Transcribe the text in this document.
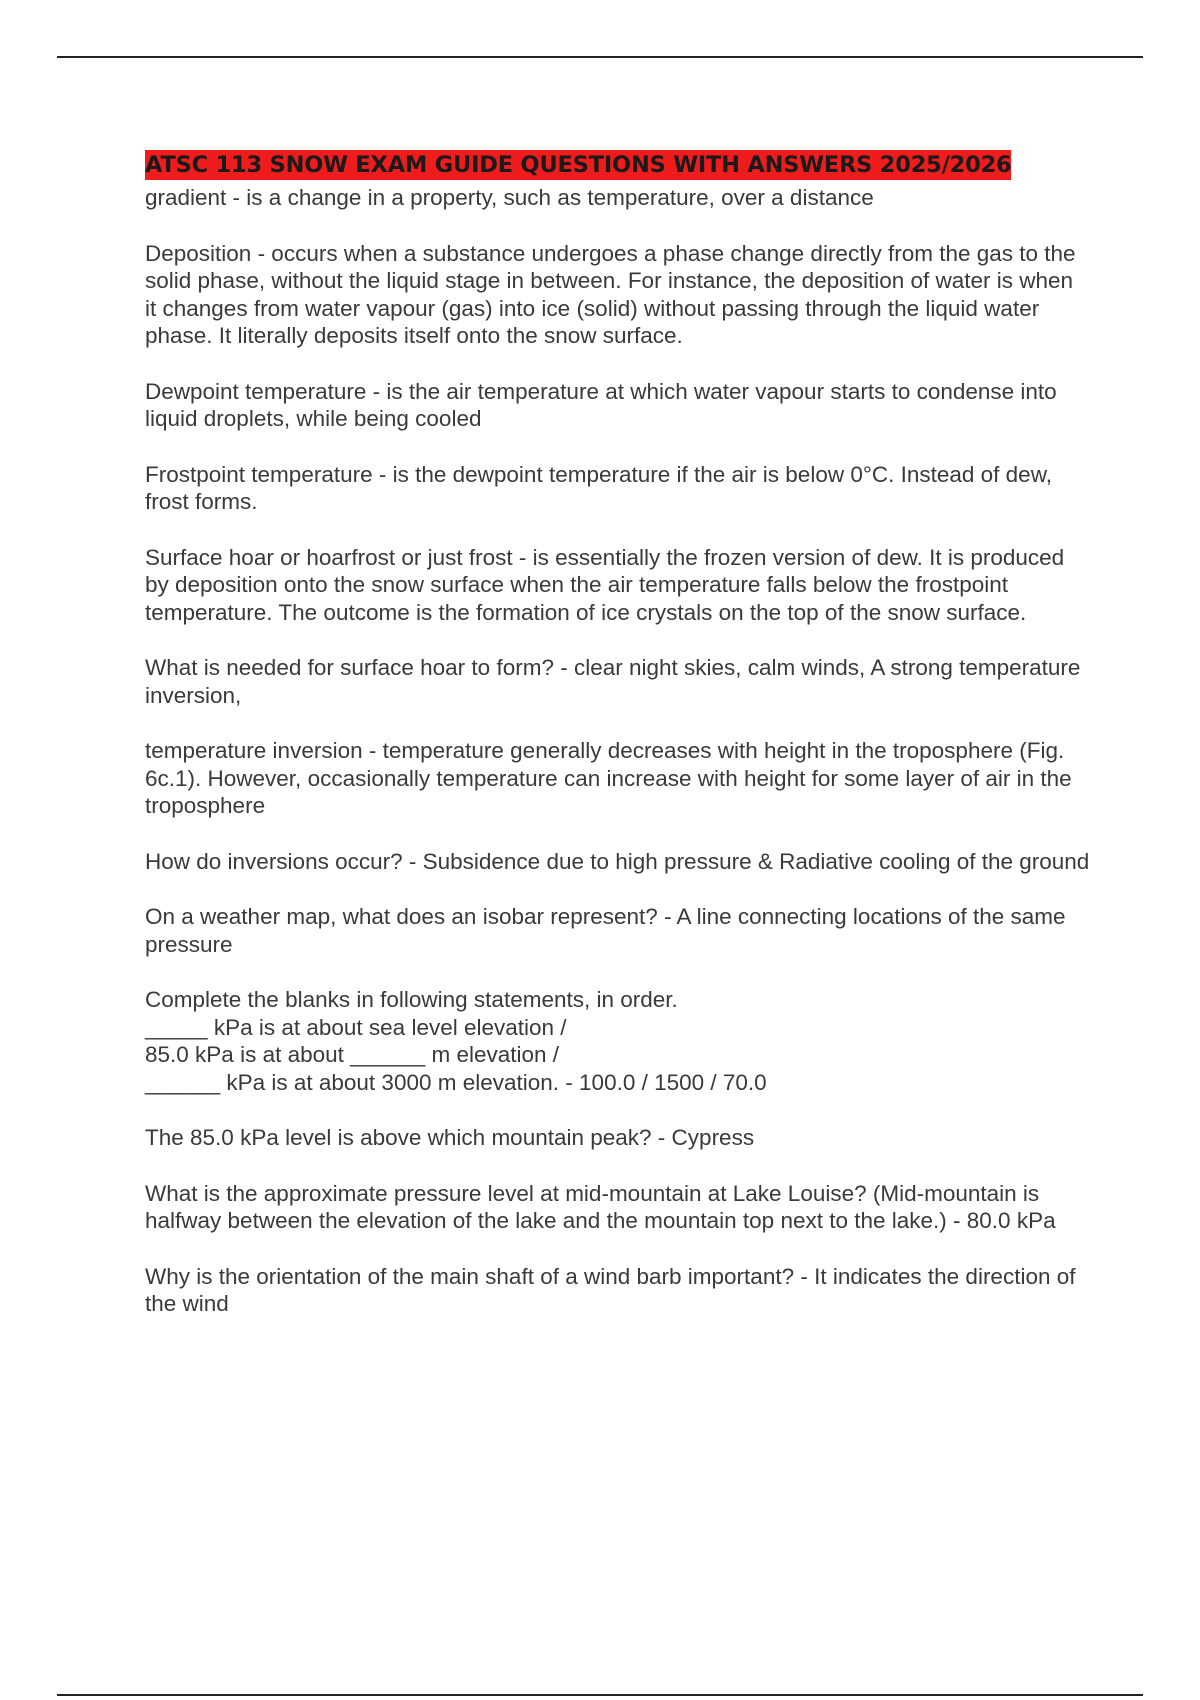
ATSC 113 SNOW EXAM GUIDE QUESTIONS WITH ANSWERS 2025/2026

gradient - is a change in a property, such as temperature, over a distance

Deposition - occurs when a substance undergoes a phase change directly from the gas to the solid phase, without the liquid stage in between. For instance, the deposition of water is when it changes from water vapour (gas) into ice (solid) without passing through the liquid water phase. It literally deposits itself onto the snow surface.

Dewpoint temperature - is the air temperature at which water vapour starts to condense into liquid droplets, while being cooled

Frostpoint temperature - is the dewpoint temperature if the air is below 0°C. Instead of dew, frost forms.

Surface hoar or hoarfrost or just frost - is essentially the frozen version of dew. It is produced by deposition onto the snow surface when the air temperature falls below the frostpoint temperature. The outcome is the formation of ice crystals on the top of the snow surface.

What is needed for surface hoar to form? - clear night skies, calm winds, A strong temperature inversion,

temperature inversion - temperature generally decreases with height in the troposphere (Fig. 6c.1). However, occasionally temperature can increase with height for some layer of air in the troposphere

How do inversions occur? - Subsidence due to high pressure & Radiative cooling of the ground

On a weather map, what does an isobar represent? - A line connecting locations of the same pressure

Complete the blanks in following statements, in order.
_____ kPa is at about sea level elevation /
85.0 kPa is at about ______ m elevation /
______ kPa is at about 3000 m elevation. - 100.0 / 1500 / 70.0

The 85.0 kPa level is above which mountain peak? - Cypress

What is the approximate pressure level at mid-mountain at Lake Louise? (Mid-mountain is halfway between the elevation of the lake and the mountain top next to the lake.) - 80.0 kPa

Why is the orientation of the main shaft of a wind barb important? - It indicates the direction of the wind
